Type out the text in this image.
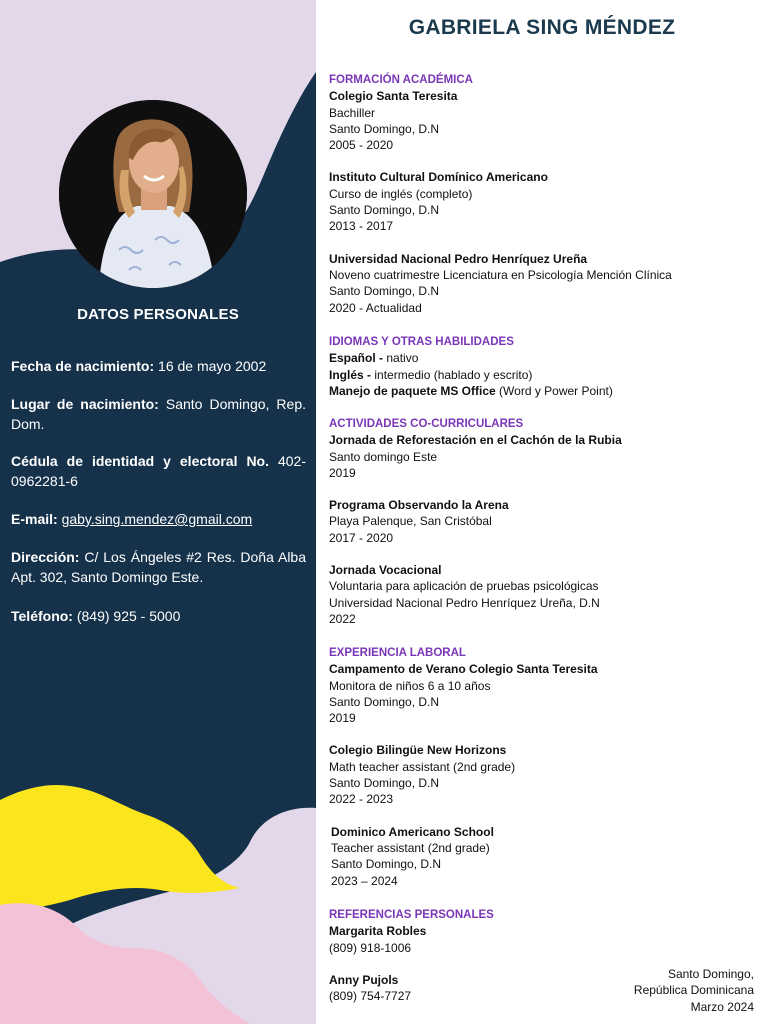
DATOS PERSONALES
Fecha de nacimiento: 16 de mayo 2002
Lugar de nacimiento: Santo Domingo, Rep. Dom.
Cédula de identidad y electoral No. 402-0962281-6
E-mail: gaby.sing.mendez@gmail.com
Dirección: C/ Los Ángeles #2 Res. Doña Alba Apt. 302, Santo Domingo Este.
Teléfono: (849) 925 - 5000
GABRIELA SING MÉNDEZ
FORMACIÓN ACADÉMICA
Colegio Santa Teresita
Bachiller
Santo Domingo, D.N
2005 - 2020
Instituto Cultural Domínico Americano
Curso de inglés (completo)
Santo Domingo, D.N
2013 - 2017
Universidad Nacional Pedro Henríquez Ureña
Noveno cuatrimestre Licenciatura en Psicología Mención Clínica
Santo Domingo, D.N
2020 - Actualidad
IDIOMAS Y OTRAS HABILIDADES
Español - nativo
Inglés - intermedio (hablado y escrito)
Manejo de paquete MS Office (Word y Power Point)
ACTIVIDADES CO-CURRICULARES
Jornada de Reforestación en el Cachón de la Rubia
Santo domingo Este
2019
Programa Observando la Arena
Playa Palenque, San Cristóbal
2017 - 2020
Jornada Vocacional
Voluntaria para aplicación de pruebas psicológicas
Universidad Nacional Pedro Henríquez Ureña, D.N
2022
EXPERIENCIA LABORAL
Campamento de Verano Colegio Santa Teresita
Monitora de niños 6 a 10 años
Santo Domingo, D.N
2019
Colegio Bilingüe New Horizons
Math teacher assistant (2nd grade)
Santo Domingo, D.N
2022 - 2023
Dominico Americano School
Teacher assistant (2nd grade)
Santo Domingo, D.N
2023 – 2024
REFERENCIAS PERSONALES
Margarita Robles
(809) 918-1006
Anny Pujols
(809) 754-7727
Santo Domingo,
República Dominicana
Marzo 2024
